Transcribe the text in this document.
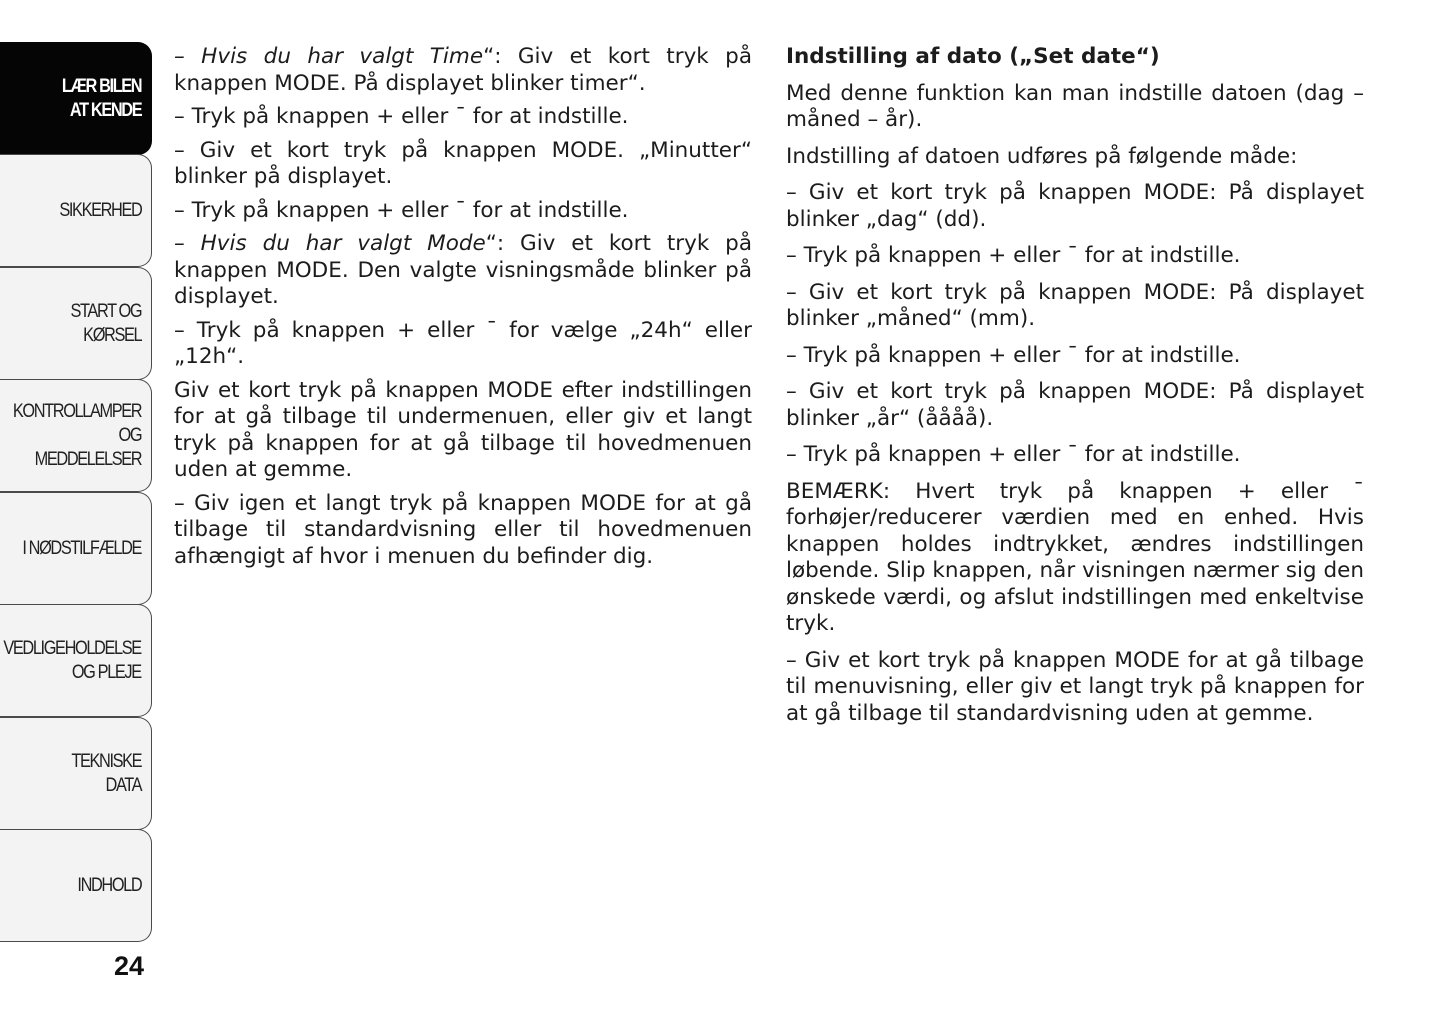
LÆR BILEN
AT KENDE
SIKKERHED
START OG
KØRSEL
KONTROLLAMPER
OG MEDDELELSER
I NØDSTILFÆLDE
VEDLIGEHOLDELSE
OG PLEJE
TEKNISKE
DATA
INDHOLD
24

– Hvis du har valgt Time“: Giv et kort tryk på knappen MODE. På displayet blinker timer“.

– Tryk på knappen + eller ¯ for at indstille.

– Giv et kort tryk på knappen MODE. „Minutter“ blinker på displayet.

– Tryk på knappen + eller ¯ for at indstille.

– Hvis du har valgt Mode“: Giv et kort tryk på knappen MODE. Den valgte visningsmåde blinker på displayet.

– Tryk på knappen + eller ¯ for vælge „24h“ eller „12h“.

Giv et kort tryk på knappen MODE efter indstillingen for at gå tilbage til undermenuen, eller giv et langt tryk på knappen for at gå tilbage til hovedmenuen uden at gemme.

– Giv igen et langt tryk på knappen MODE for at gå tilbage til standardvisning eller til hovedmenuen afhængigt af hvor i menuen du befinder dig.

Indstilling af dato („Set date“)

Med denne funktion kan man indstille datoen (dag – måned – år).

Indstilling af datoen udføres på følgende måde:

– Giv et kort tryk på knappen MODE: På displayet blinker „dag“ (dd).

– Tryk på knappen + eller ¯ for at indstille.

– Giv et kort tryk på knappen MODE: På displayet blinker „måned“ (mm).

– Tryk på knappen + eller ¯ for at indstille.

– Giv et kort tryk på knappen MODE: På displayet blinker „år“ (åååå).

– Tryk på knappen + eller ¯ for at indstille.

BEMÆRK: Hvert tryk på knappen + eller ¯ forhøjer/reducerer værdien med en enhed. Hvis knappen holdes indtrykket, ændres indstillingen løbende. Slip knappen, når visningen nærmer sig den ønskede værdi, og afslut indstillingen med enkeltvise tryk.

– Giv et kort tryk på knappen MODE for at gå tilbage til menuvisning, eller giv et langt tryk på knappen for at gå tilbage til standardvisning uden at gemme.
